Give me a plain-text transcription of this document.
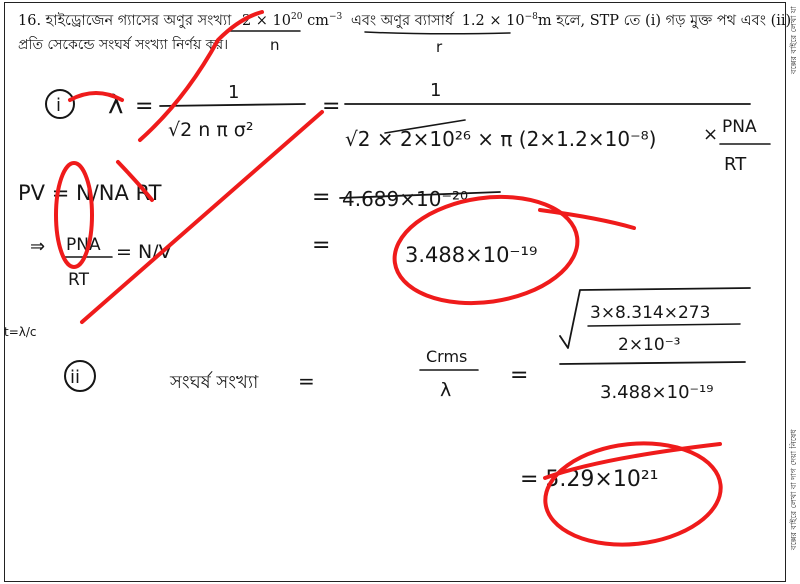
বক্সের বাইরে লেখা যা
বক্সের বাইরে লেখা বা দাগ দেয়া নিষেধ
16. হাইড্রোজেন গ্যাসের অণুর সংখ্যা $2 \times 10^{20}$ $cm^{-3}$ এবং অণুর ব্যাসার্ধ $1.2 \times 10^{-8}m$ হলে, STP তে (i) গড় মুক্ত পথ এবং (ii)
প্রতি সেকেন্ডে সংঘর্ষ সংখ্যা নির্ণয় কর।	n	r
i λ =
1
√2 n π σ²
=
1
√2 × 2×10²⁶ × π (2×1.2×10⁻⁸)	× PNA
RT
PV = N/NA RT	= 4.689×10⁻²⁰
⇒ PNA
RT
= N/V	=	3.488×10⁻¹⁹
t=λ/c
ii	সংঘর্ষ সংখ্যা =
Crms
λ
=
3×8.314×273
2×10⁻³
3.488×10⁻¹⁹
= 5.29×10²¹
